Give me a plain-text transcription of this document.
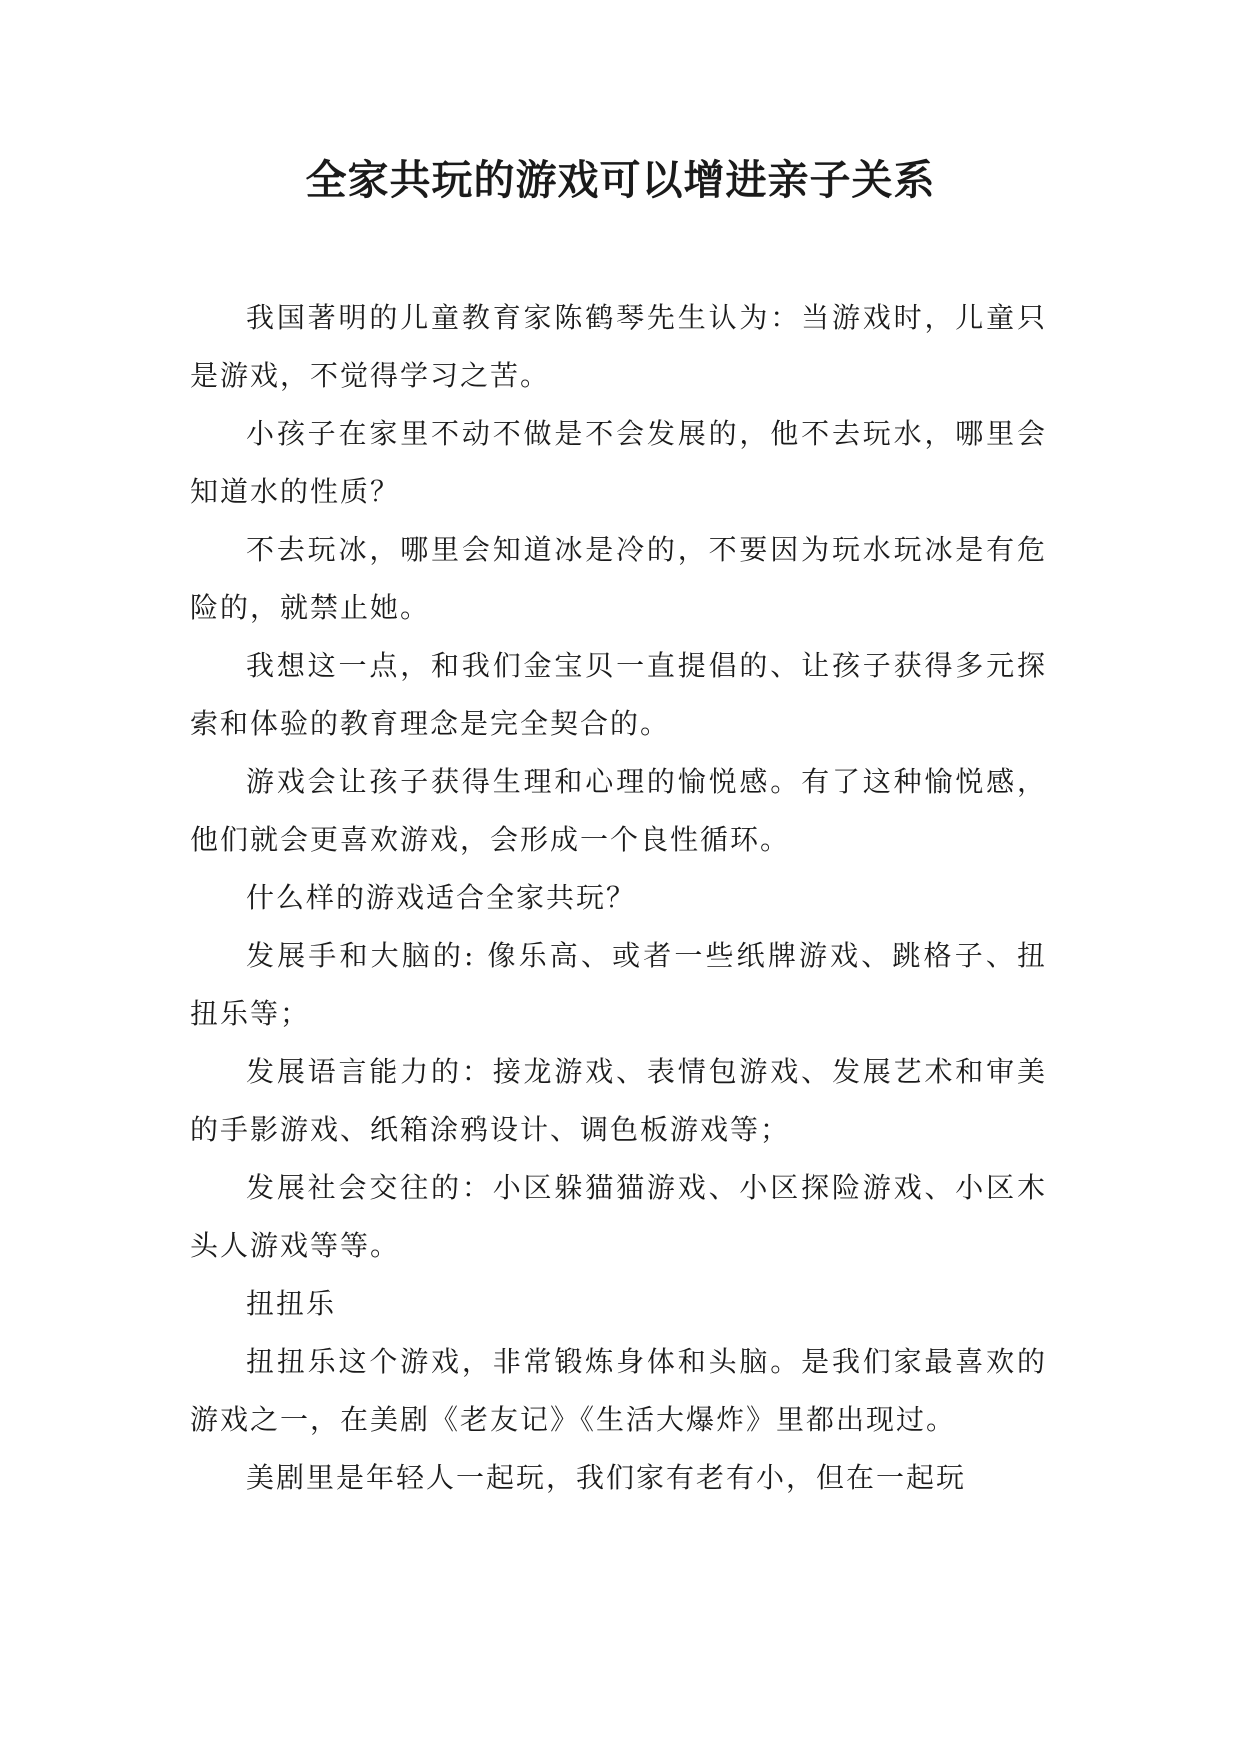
全家共玩的游戏可以增进亲子关系

我国著明的儿童教育家陈鹤琴先生认为：当游戏时，儿童只是游戏，不觉得学习之苦。

小孩子在家里不动不做是不会发展的，他不去玩水，哪里会知道水的性质？

不去玩冰，哪里会知道冰是冷的，不要因为玩水玩冰是有危险的，就禁止她。

我想这一点，和我们金宝贝一直提倡的、让孩子获得多元探索和体验的教育理念是完全契合的。

游戏会让孩子获得生理和心理的愉悦感。有了这种愉悦感，他们就会更喜欢游戏，会形成一个良性循环。

什么样的游戏适合全家共玩？

发展手和大脑的: 像乐高、或者一些纸牌游戏、跳格子、扭扭乐等；

发展语言能力的：接龙游戏、表情包游戏、发展艺术和审美的手影游戏、纸箱涂鸦设计、调色板游戏等；

发展社会交往的：小区躲猫猫游戏、小区探险游戏、小区木头人游戏等等。

扭扭乐

扭扭乐这个游戏，非常锻炼身体和头脑。是我们家最喜欢的游戏之一，在美剧《老友记》《生活大爆炸》里都出现过。

美剧里是年轻人一起玩，我们家有老有小，但在一起玩
